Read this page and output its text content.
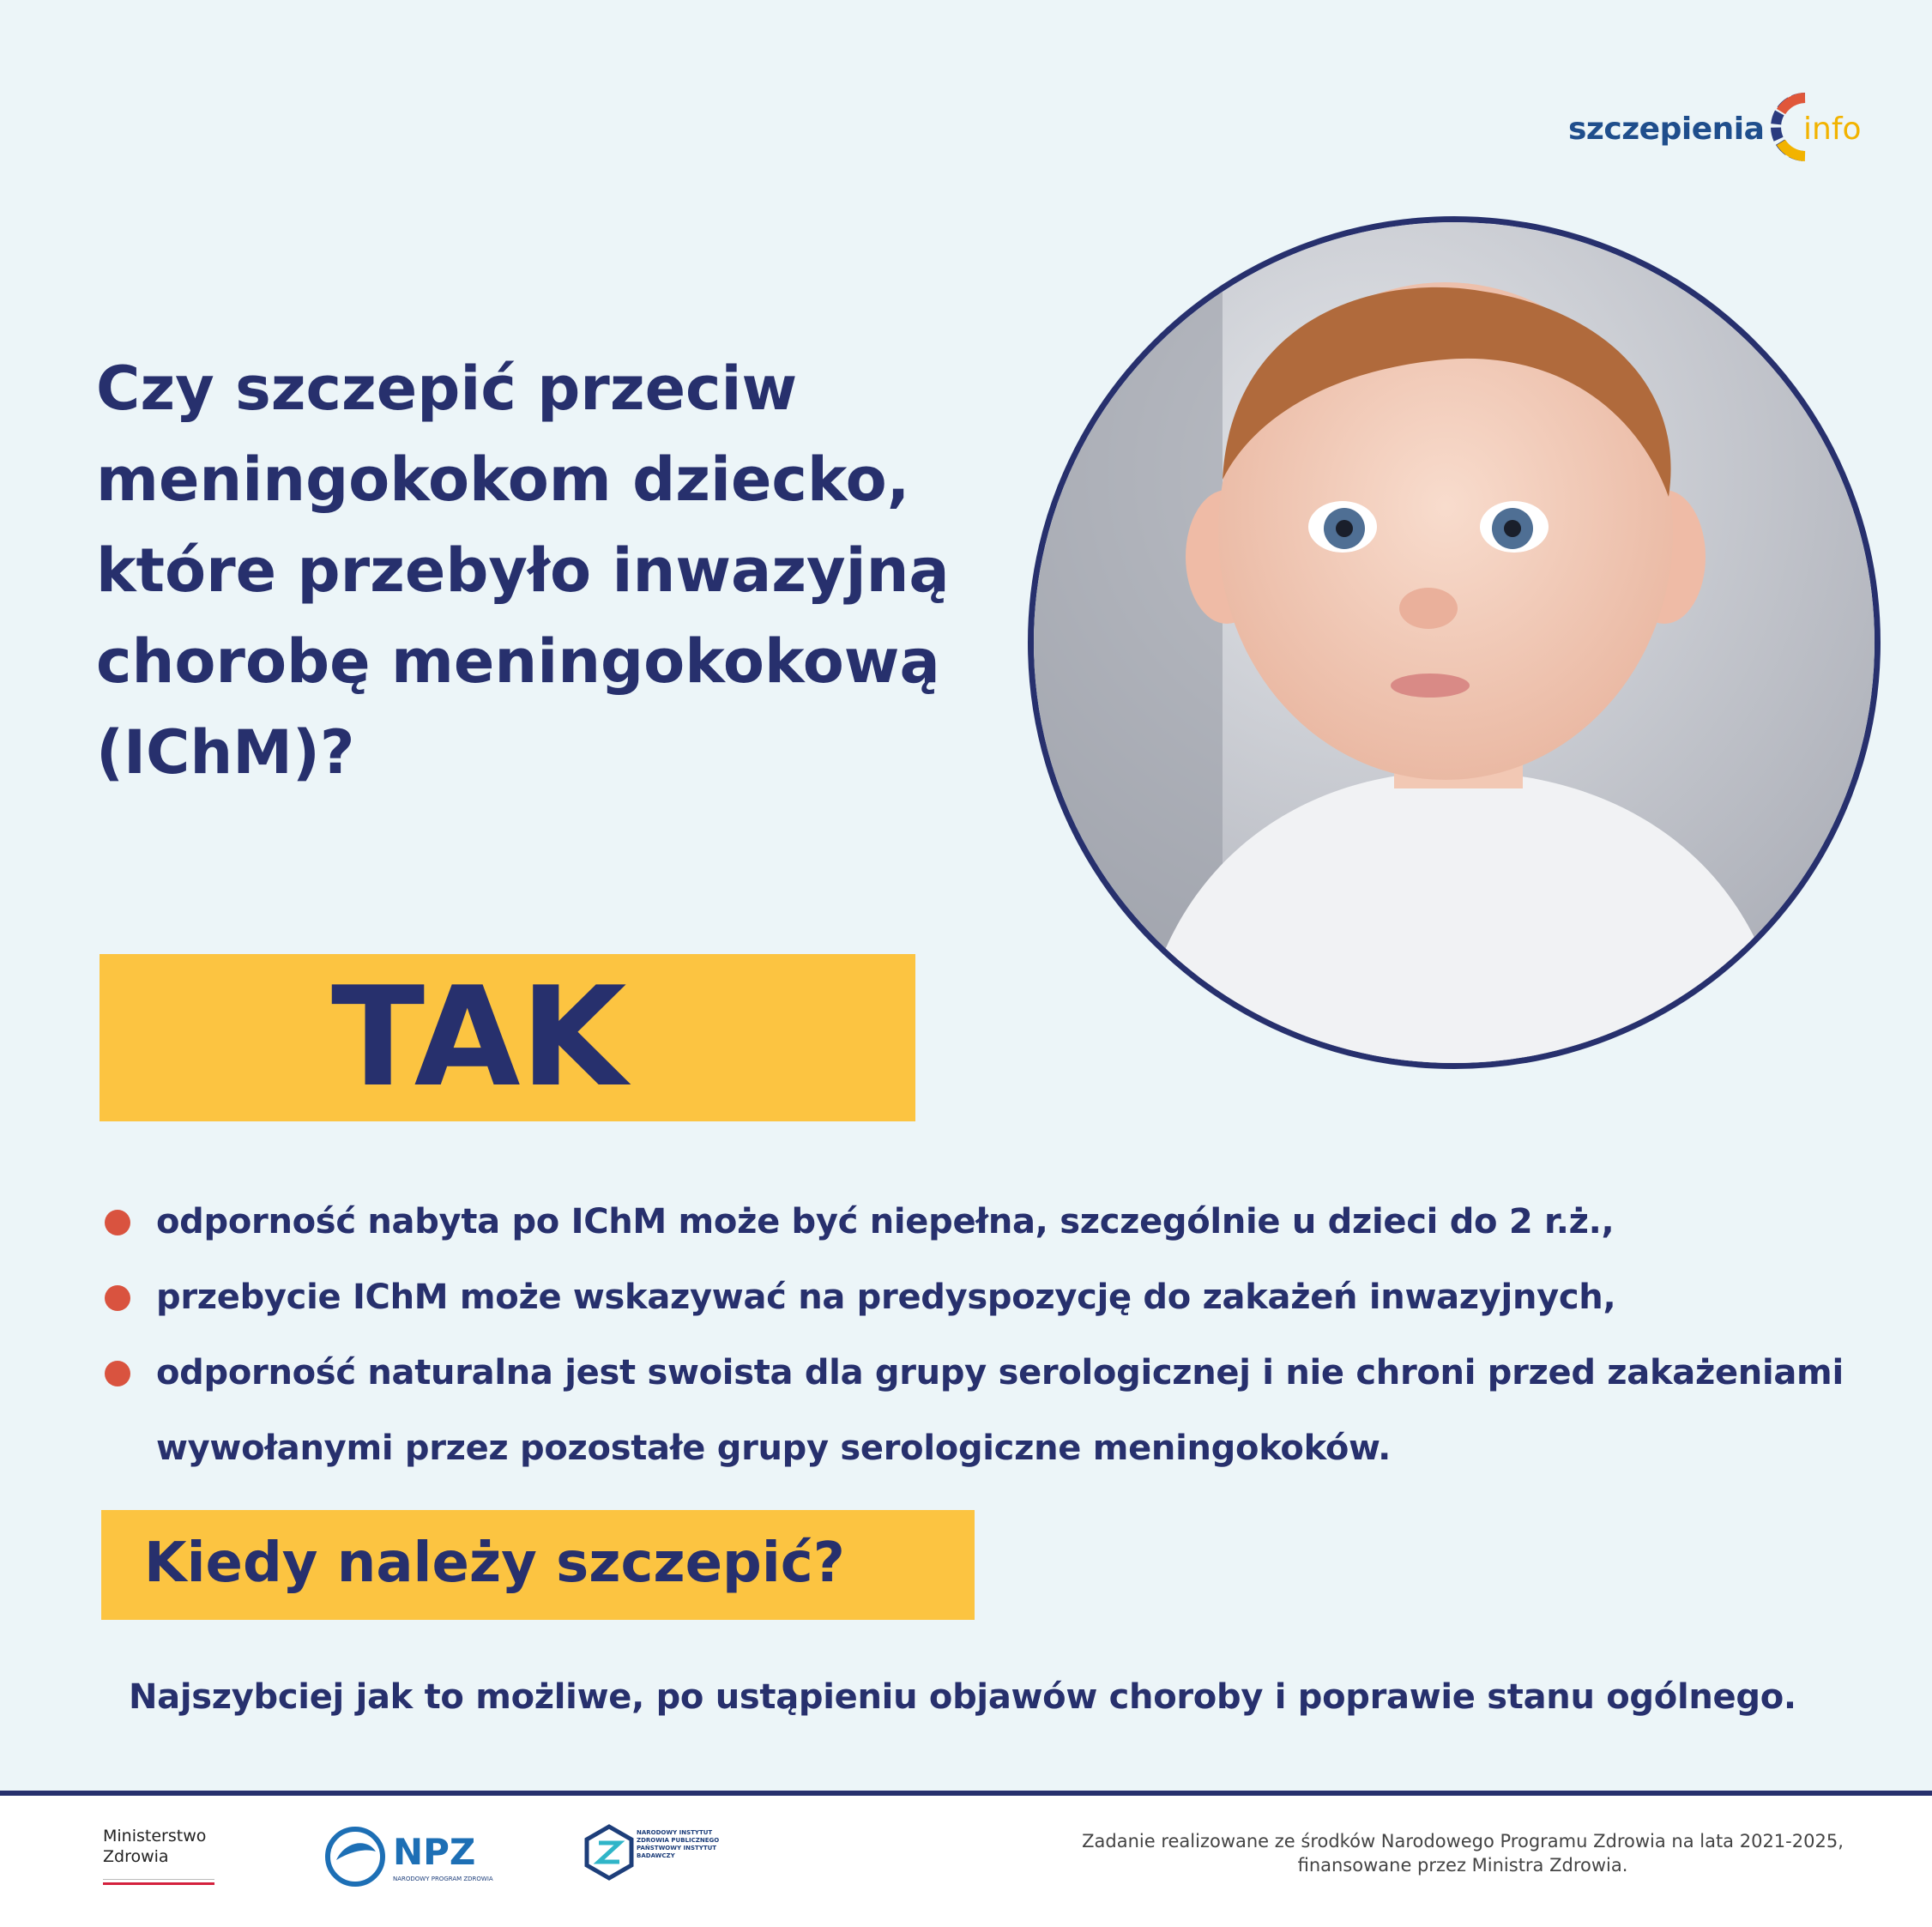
szczepienia info
Czy szczepić przeciw meningokokom dziecko, które przebyło inwazyjną chorobę meningokokową (IChM)?
TAK
odporność nabyta po IChM może być niepełna, szczególnie u dzieci do 2 r.ż.,
przebycie IChM może wskazywać na predyspozycję do zakażeń inwazyjnych,
odporność naturalna jest swoista dla grupy serologicznej i nie chroni przed zakażeniami wywołanymi przez pozostałe grupy serologiczne meningokoków.
Kiedy należy szczepić?
Najszybciej jak to możliwe, po ustąpieniu objawów choroby i poprawie stanu ogólnego.
Ministerstwo
Zdrowia	NPZ
NARODOWY PROGRAM ZDROWIA
NARODOWY INSTYTUT ZDROWIA PUBLICZNEGO PAŃSTWOWY INSTYTUT BADAWCZY
Zadanie realizowane ze środków Narodowego Programu Zdrowia na lata 2021-2025,
finansowane przez Ministra Zdrowia.
